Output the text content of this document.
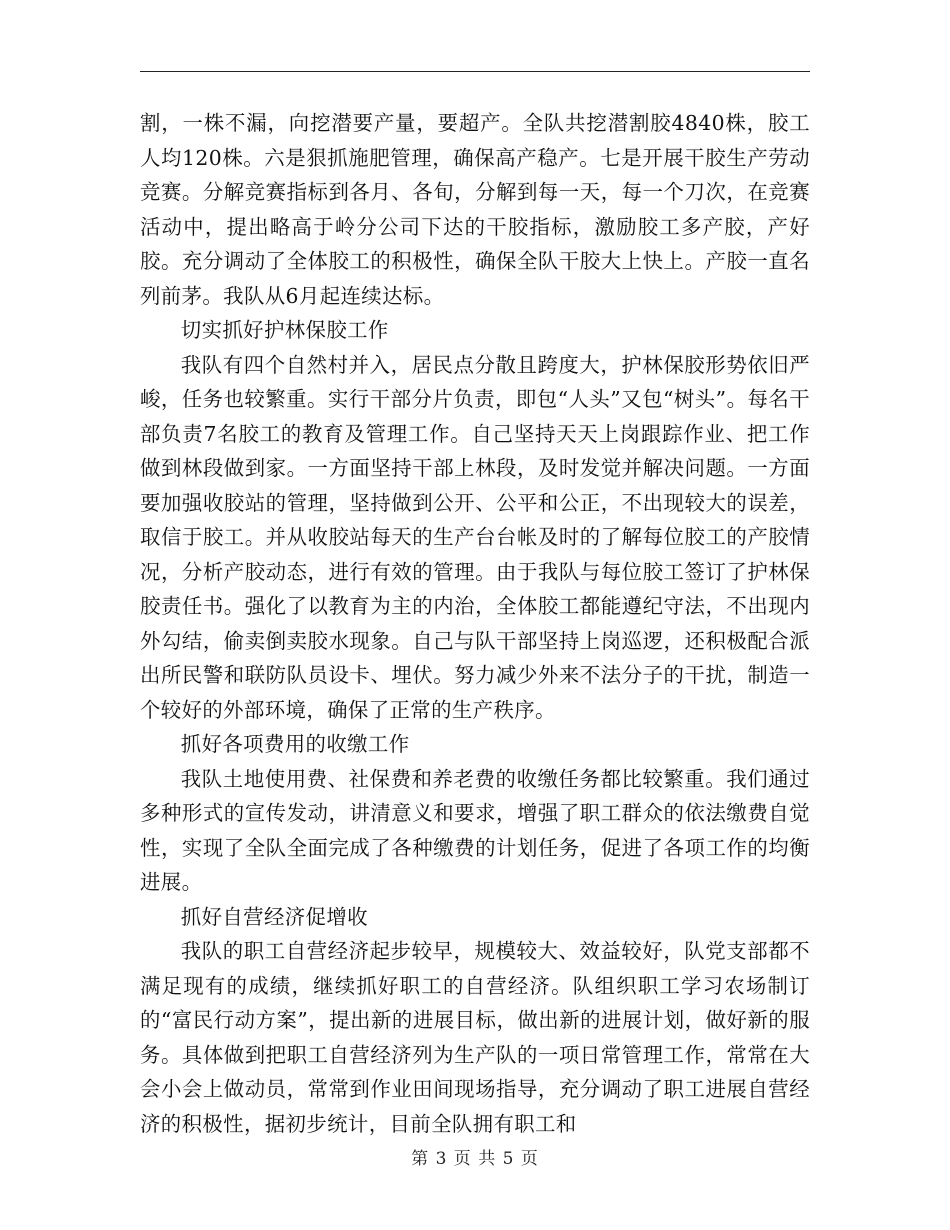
割，一株不漏，向挖潜要产量，要超产。全队共挖潜割胶4840株，胶工人均120株。六是狠抓施肥管理，确保高产稳产。七是开展干胶生产劳动竞赛。分解竞赛指标到各月、各旬，分解到每一天，每一个刀次，在竞赛活动中，提出略高于岭分公司下达的干胶指标，激励胶工多产胶，产好胶。充分调动了全体胶工的积极性，确保全队干胶大上快上。产胶一直名列前茅。我队从6月起连续达标。

切实抓好护林保胶工作

我队有四个自然村并入，居民点分散且跨度大，护林保胶形势依旧严峻，任务也较繁重。实行干部分片负责，即包“人头”又包“树头”。每名干部负责7名胶工的教育及管理工作。自己坚持天天上岗跟踪作业、把工作做到林段做到家。一方面坚持干部上林段，及时发觉并解决问题。一方面要加强收胶站的管理，坚持做到公开、公平和公正，不出现较大的误差，取信于胶工。并从收胶站每天的生产台台帐及时的了解每位胶工的产胶情况，分析产胶动态，进行有效的管理。由于我队与每位胶工签订了护林保胶责任书。强化了以教育为主的内治，全体胶工都能遵纪守法，不出现内外勾结，偷卖倒卖胶水现象。自己与队干部坚持上岗巡逻，还积极配合派出所民警和联防队员设卡、埋伏。努力减少外来不法分子的干扰，制造一个较好的外部环境，确保了正常的生产秩序。

抓好各项费用的收缴工作

我队土地使用费、社保费和养老费的收缴任务都比较繁重。我们通过多种形式的宣传发动，讲清意义和要求，增强了职工群众的依法缴费自觉性，实现了全队全面完成了各种缴费的计划任务，促进了各项工作的均衡进展。

抓好自营经济促增收

我队的职工自营经济起步较早，规模较大、效益较好，队党支部都不满足现有的成绩，继续抓好职工的自营经济。队组织职工学习农场制订的“富民行动方案”，提出新的进展目标，做出新的进展计划，做好新的服务。具体做到把职工自营经济列为生产队的一项日常管理工作，常常在大会小会上做动员，常常到作业田间现场指导，充分调动了职工进展自营经济的积极性，据初步统计，目前全队拥有职工和

第 3 页 共 5 页
